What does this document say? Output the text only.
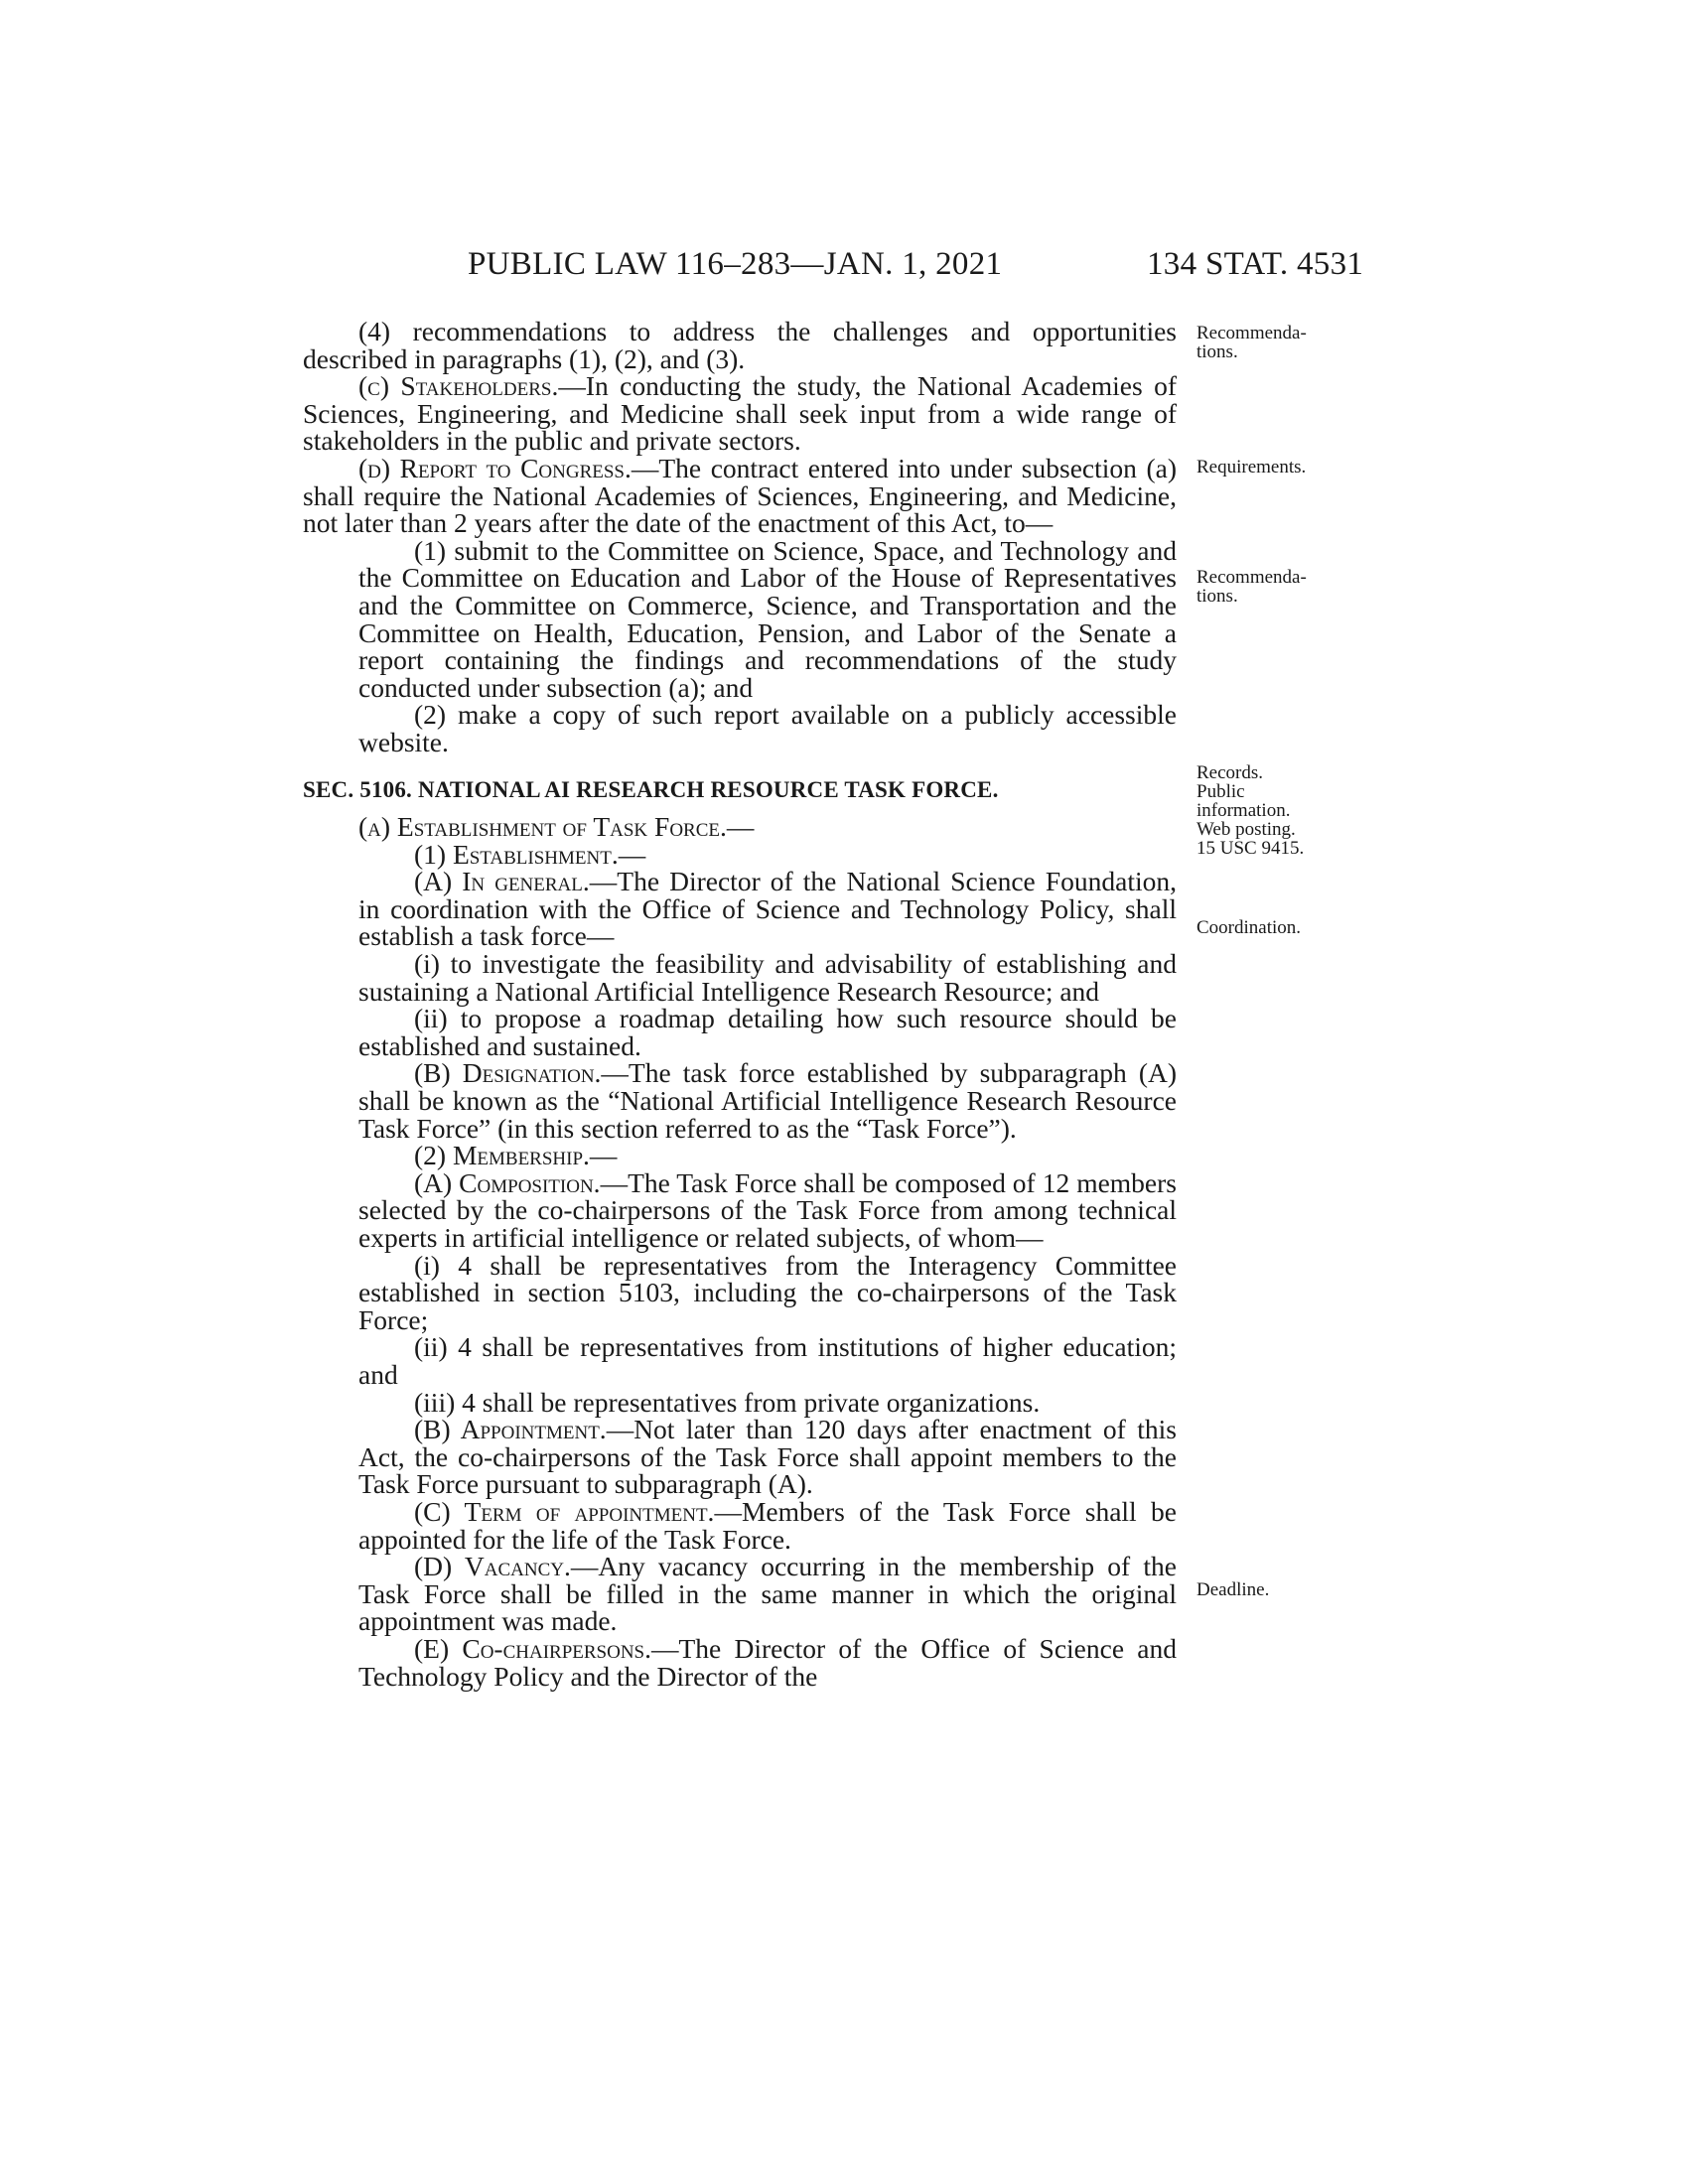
PUBLIC LAW 116–283—JAN. 1, 2021	134 STAT. 4531

(4) recommendations to address the challenges and opportunities described in paragraphs (1), (2), and (3).

(c) Stakeholders.—In conducting the study, the National Academies of Sciences, Engineering, and Medicine shall seek input from a wide range of stakeholders in the public and private sectors.

(d) Report to Congress.—The contract entered into under subsection (a) shall require the National Academies of Sciences, Engineering, and Medicine, not later than 2 years after the date of the enactment of this Act, to—

(1) submit to the Committee on Science, Space, and Technology and the Committee on Education and Labor of the House of Representatives and the Committee on Commerce, Science, and Transportation and the Committee on Health, Education, Pension, and Labor of the Senate a report containing the findings and recommendations of the study conducted under subsection (a); and

(2) make a copy of such report available on a publicly accessible website.

SEC. 5106. NATIONAL AI RESEARCH RESOURCE TASK FORCE.

(a) Establishment of Task Force.—

(1) Establishment.—

(A) In general.—The Director of the National Science Foundation, in coordination with the Office of Science and Technology Policy, shall establish a task force—

(i) to investigate the feasibility and advisability of establishing and sustaining a National Artificial Intelligence Research Resource; and

(ii) to propose a roadmap detailing how such resource should be established and sustained.

(B) Designation.—The task force established by subparagraph (A) shall be known as the “National Artificial Intelligence Research Resource Task Force” (in this section referred to as the “Task Force”).

(2) Membership.—

(A) Composition.—The Task Force shall be composed of 12 members selected by the co-chairpersons of the Task Force from among technical experts in artificial intelligence or related subjects, of whom—

(i) 4 shall be representatives from the Interagency Committee established in section 5103, including the co-chairpersons of the Task Force;

(ii) 4 shall be representatives from institutions of higher education; and

(iii) 4 shall be representatives from private organizations.

(B) Appointment.—Not later than 120 days after enactment of this Act, the co-chairpersons of the Task Force shall appoint members to the Task Force pursuant to subparagraph (A).

(C) Term of appointment.—Members of the Task Force shall be appointed for the life of the Task Force.

(D) Vacancy.—Any vacancy occurring in the membership of the Task Force shall be filled in the same manner in which the original appointment was made.

(E) Co-chairpersons.—The Director of the Office of Science and Technology Policy and the Director of the

Recommenda-
tions.
Requirements.
Recommenda-
tions.
Records.
Public
information.
Web posting.
15 USC 9415.
Coordination.
Deadline.
